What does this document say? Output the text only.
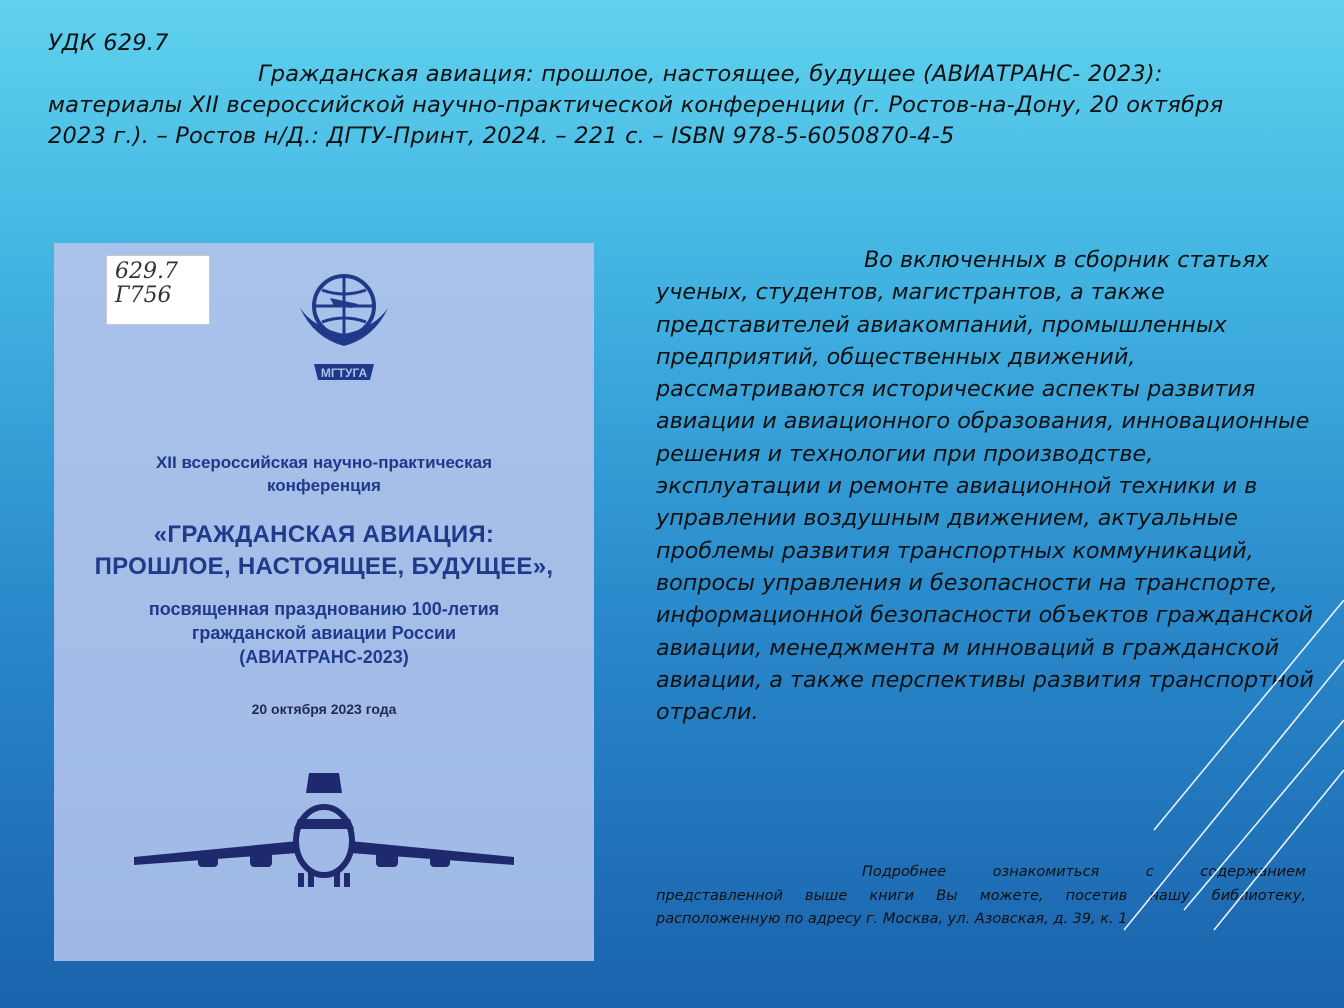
УДК 629.7
Гражданская авиация: прошлое, настоящее, будущее (АВИАТРАНС- 2023): материалы XII всероссийской научно-практической конференции (г. Ростов-на-Дону, 20 октября 2023 г.). – Ростов н/Д.: ДГТУ-Принт, 2024. – 221 с. – ISBN 978-5-6050870-4-5
629.7
Г756
МГТУГА
XII всероссийская научно-практическая конференция
«ГРАЖДАНСКАЯ АВИАЦИЯ: ПРОШЛОЕ, НАСТОЯЩЕЕ, БУДУЩЕЕ»,
посвященная празднованию 100-летия гражданской авиации России (АВИАТРАНС-2023)
20 октября 2023 года
Во включенных в сборник статьях ученых, студентов, магистрантов, а также представителей авиакомпаний, промышленных предприятий, общественных движений, рассматриваются исторические аспекты развития авиации и авиационного образования, инновационные решения и технологии при производстве, эксплуатации и ремонте авиационной техники и в управлении воздушным движением, актуальные проблемы развития транспортных коммуникаций, вопросы управления и безопасности на транспорте, информационной безопасности объектов гражданской авиации, менеджмента м инноваций в гражданской авиации, а также перспективы развития транспортной отрасли.
Подробнее ознакомиться с содержанием представленной выше книги Вы можете, посетив нашу библиотеку, расположенную по адресу г. Москва, ул. Азовская, д. 39, к. 1
